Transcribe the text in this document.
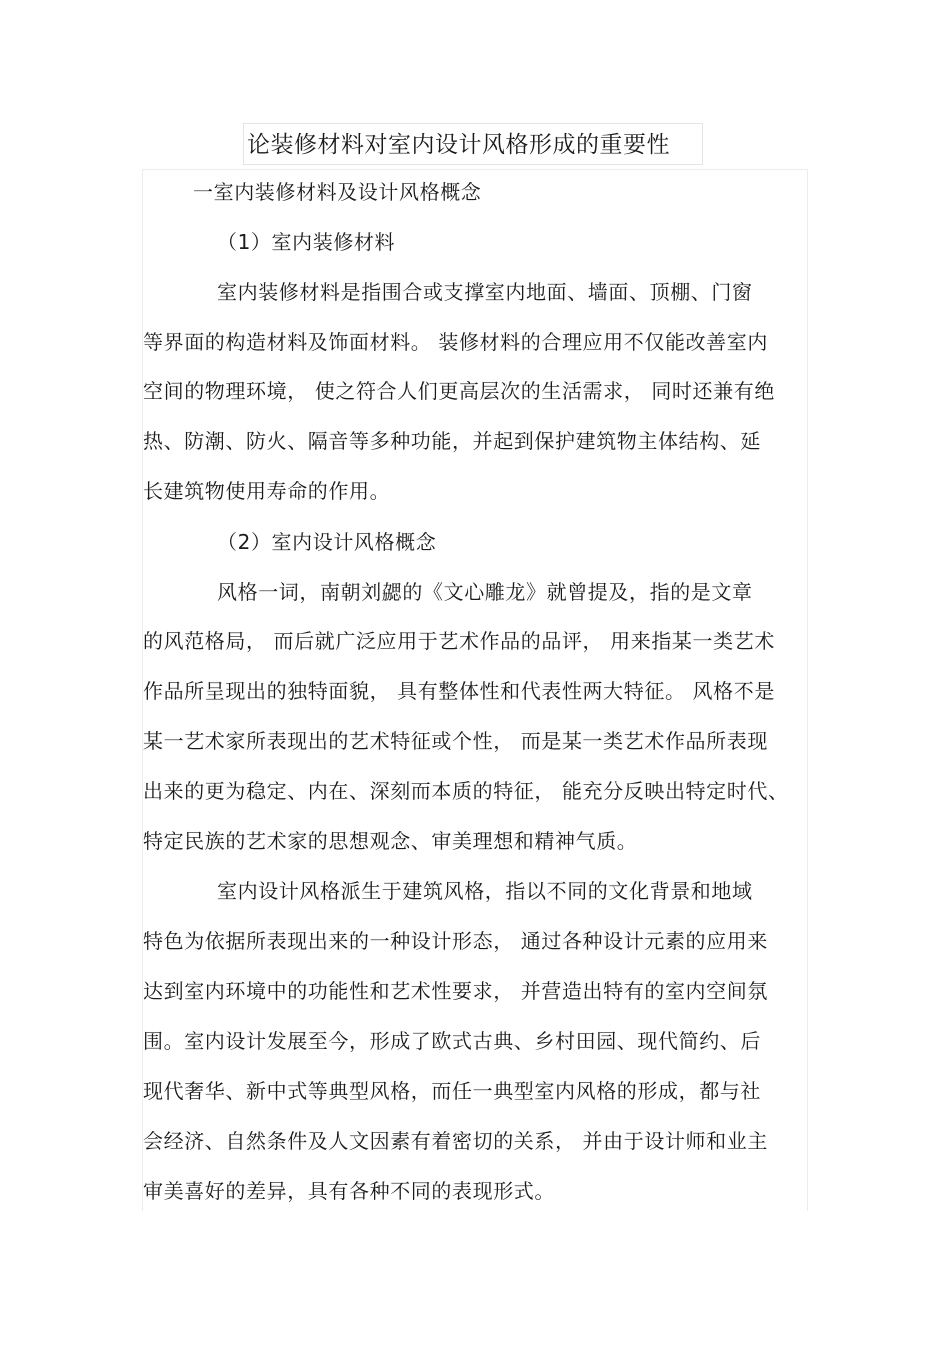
论装修材料对室内设计风格形成的重要性
一室内装修材料及设计风格概念
（1）室内装修材料
室内装修材料是指围合或支撑室内地面、墙面、顶棚、门窗
等界面的构造材料及饰面材料。 装修材料的合理应用不仅能改善室内
空间的物理环境， 使之符合人们更高层次的生活需求， 同时还兼有绝
热、防潮、防火、隔音等多种功能，并起到保护建筑物主体结构、延
长建筑物使用寿命的作用。
（2）室内设计风格概念
风格一词，南朝刘勰的《文心雕龙》就曾提及，指的是文章
的风范格局， 而后就广泛应用于艺术作品的品评， 用来指某一类艺术
作品所呈现出的独特面貌， 具有整体性和代表性两大特征。 风格不是
某一艺术家所表现出的艺术特征或个性， 而是某一类艺术作品所表现
出来的更为稳定、内在、深刻而本质的特征， 能充分反映出特定时代、
特定民族的艺术家的思想观念、审美理想和精神气质。
室内设计风格派生于建筑风格，指以不同的文化背景和地域
特色为依据所表现出来的一种设计形态， 通过各种设计元素的应用来
达到室内环境中的功能性和艺术性要求， 并营造出特有的室内空间氛
围。室内设计发展至今，形成了欧式古典、乡村田园、现代简约、后
现代奢华、新中式等典型风格，而任一典型室内风格的形成，都与社
会经济、自然条件及人文因素有着密切的关系， 并由于设计师和业主
审美喜好的差异，具有各种不同的表现形式。
